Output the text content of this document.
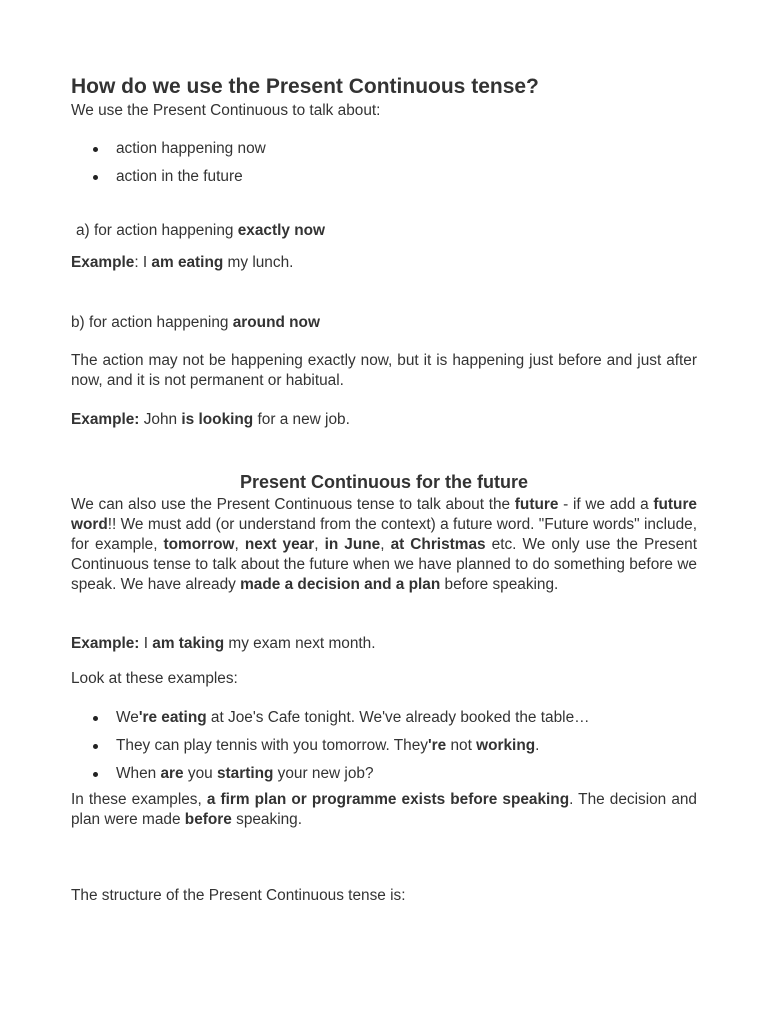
How do we use the Present Continuous tense?

We use the Present Continuous to talk about:

action happening now
action in the future

a) for action happening exactly now

Example: I am eating my lunch.

b) for action happening around now

The action may not be happening exactly now, but it is happening just before and just after now, and it is not permanent or habitual.

Example: John is looking for a new job.

Present Continuous for the future

We can also use the Present Continuous tense to talk about the future - if we add a future word!! We must add (or understand from the context) a future word. "Future words" include, for example, tomorrow, next year, in June, at Christmas etc. We only use the Present Continuous tense to talk about the future when we have planned to do something before we speak. We have already made a decision and a plan before speaking.

Example: I am taking my exam next month.

Look at these examples:

We're eating at Joe's Cafe tonight. We've already booked the table…
They can play tennis with you tomorrow. They're not working.
When are you starting your new job?

In these examples, a firm plan or programme exists before speaking. The decision and plan were made before speaking.

The structure of the Present Continuous tense is:
